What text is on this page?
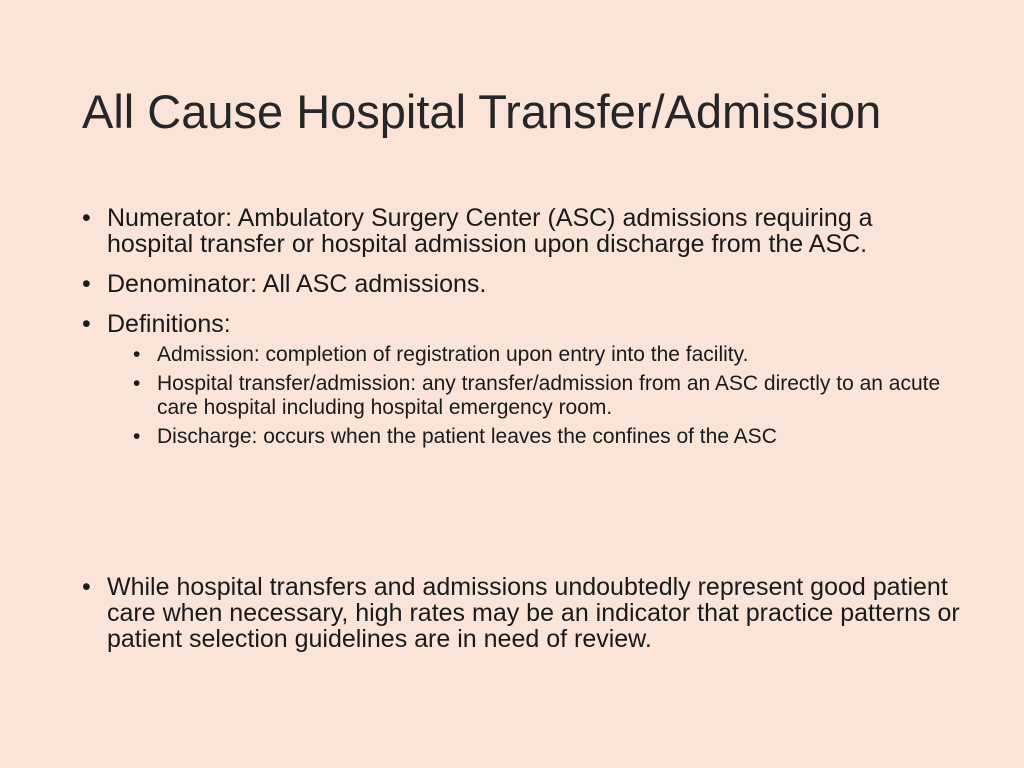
All Cause Hospital Transfer/Admission
• Numerator: Ambulatory Surgery Center (ASC) admissions requiring a hospital transfer or hospital admission upon discharge from the ASC.
• Denominator: All ASC admissions.
• Definitions:
• Admission: completion of registration upon entry into the facility.
• Hospital transfer/admission: any transfer/admission from an ASC directly to an acute care hospital including hospital emergency room.
• Discharge: occurs when the patient leaves the confines of the ASC
• While hospital transfers and admissions undoubtedly represent good patient care when necessary, high rates may be an indicator that practice patterns or patient selection guidelines are in need of review.
